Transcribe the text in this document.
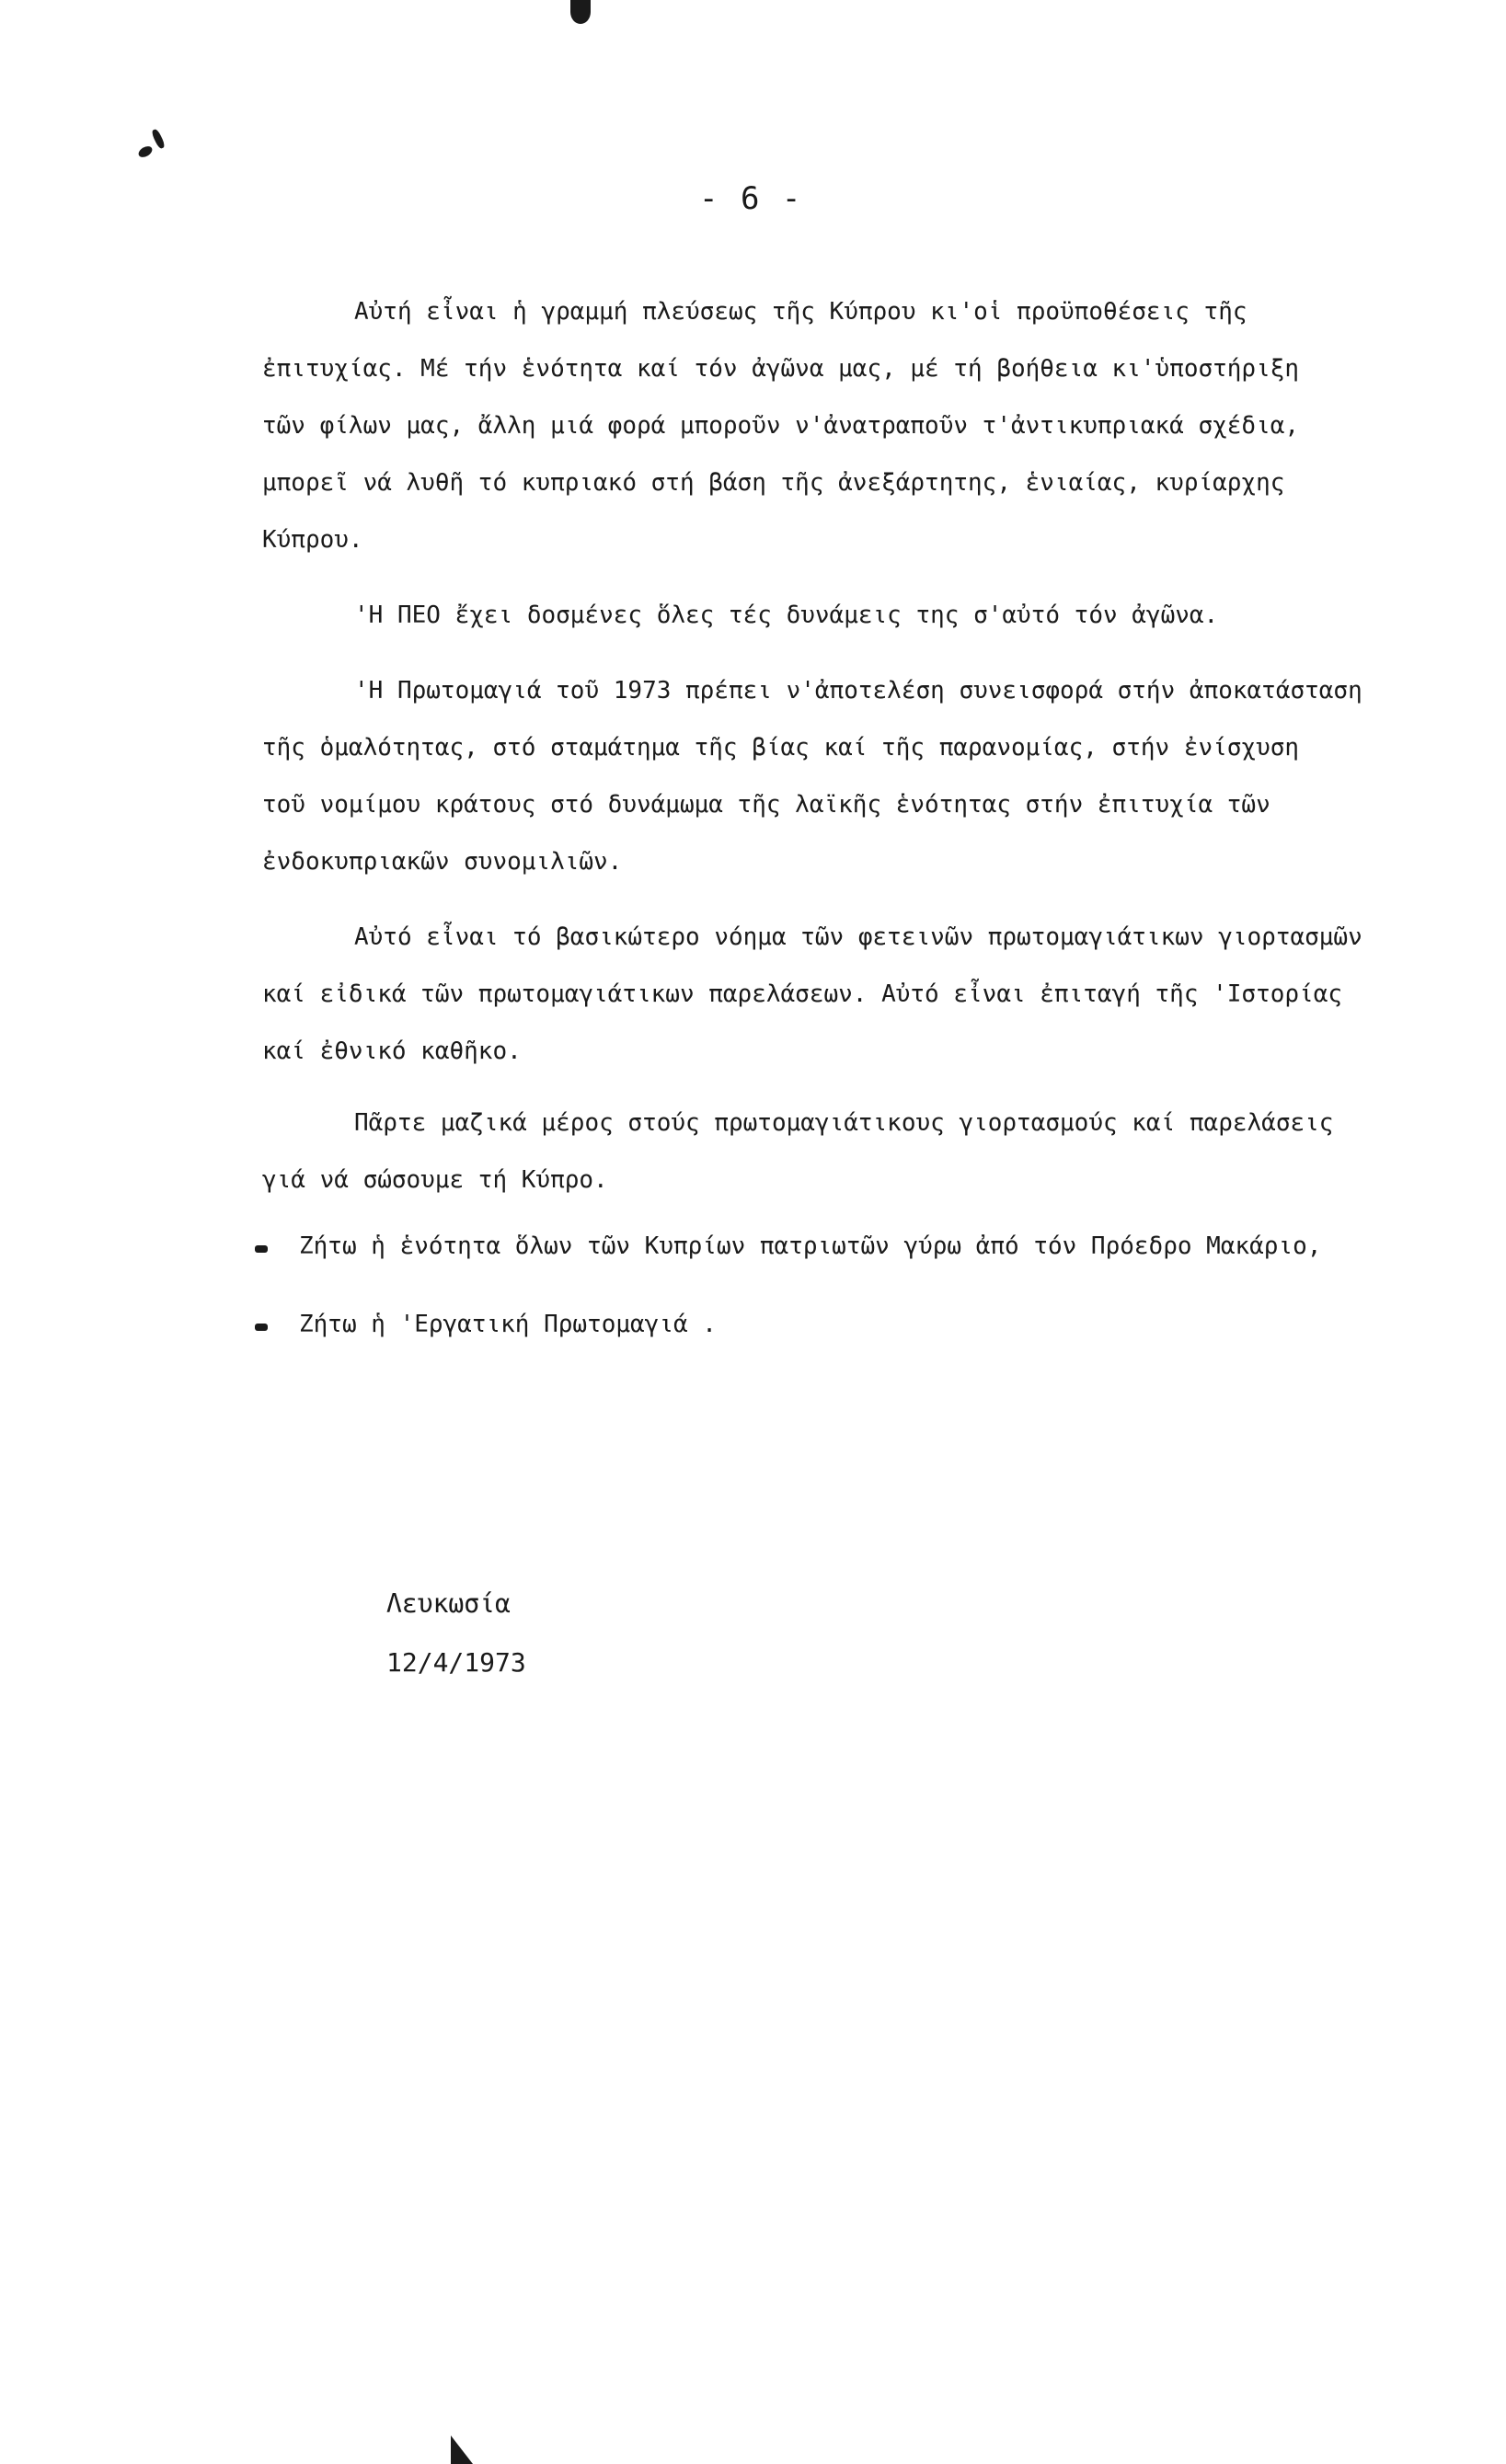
- 6 -
Αὐτή εἶναι ἡ γραμμή πλεύσεως τῆς Κύπρου κι'οἱ προϋποθέσεις τῆς
ἐπιτυχίας. Μέ τήν ἑνότητα καί τόν ἀγῶνα μας, μέ τή βοήθεια κι'ὑποστήριξη
τῶν φίλων μας, ἄλλη μιά φορά μποροῦν ν'ἀνατραποῦν τ'ἀντικυπριακά σχέδια,
μπορεῖ νά λυθῆ τό κυπριακό στή βάση τῆς ἀνεξάρτητης, ἑνιαίας, κυρίαρχης
Κύπρου.
'Η ΠΕΟ ἔχει δοσμένες ὅλες τές δυνάμεις της σ'αὐτό τόν ἀγῶνα.
'Η Πρωτομαγιά τοῦ 1973 πρέπει ν'ἀποτελέση συνεισφορά στήν ἀποκατάσταση
τῆς ὁμαλότητας, στό σταμάτημα τῆς βίας καί τῆς παρανομίας, στήν ἐνίσχυση
τοῦ νομίμου κράτους στό δυνάμωμα τῆς λαϊκῆς ἑνότητας στήν ἐπιτυχία τῶν
ἐνδοκυπριακῶν συνομιλιῶν.
Αὐτό εἶναι τό βασικώτερο νόημα τῶν φετεινῶν πρωτομαγιάτικων γιορτασμῶν
καί εἰδικά τῶν πρωτομαγιάτικων παρελάσεων. Αὐτό εἶναι ἐπιταγή τῆς 'Ιστορίας
καί ἐθνικό καθῆκο.
Πᾶρτε μαζικά μέρος στούς πρωτομαγιάτικους γιορτασμούς καί παρελάσεις
γιά νά σώσουμε τή Κύπρο.
Ζήτω ἡ ἑνότητα ὅλων τῶν Κυπρίων πατριωτῶν γύρω ἀπό τόν Πρόεδρο Μακάριο,
Ζήτω ἡ 'Εργατική Πρωτομαγιά .
Λευκωσία
12/4/1973
